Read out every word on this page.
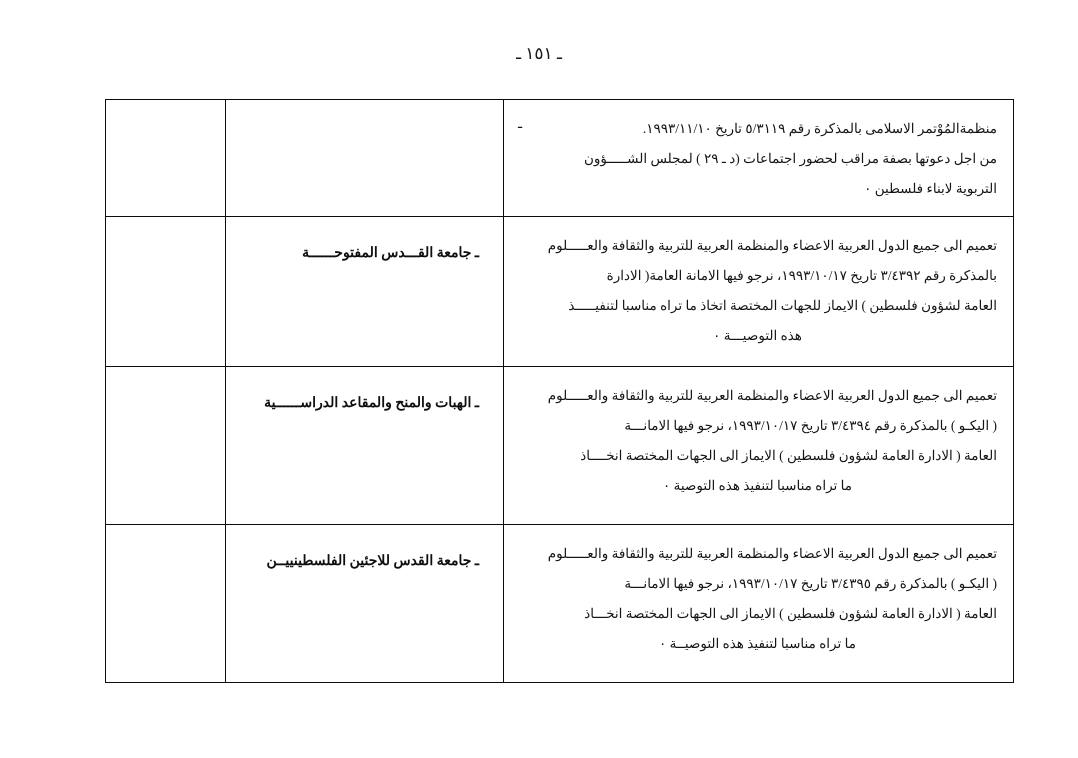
ـ ١٥١ ـ
ـ منظمةالمُوْتمر الاسلامى بالمذكرة رقم ٥/٣١١٩ تاريخ ١٩٩٣/١١/١٠.
من اجل دعوتها بصفة مراقب لحضور اجتماعات (د ـ ٢٩ ) لمجلس الشـــــؤون
التربوية لابناء فلسطين ٠		

تعميم الى جميع الدول العربية الاعضاء والمنظمة العربية للتربية والثقافة والعـــــلوم
بالمذكرة رقم ٣/٤٣٩٢ تاريخ ١٩٩٣/١٠/١٧، نرجو فيها الامانة العامة( الادارة
العامة لشؤون فلسطين ) الايماز للجهات المختصة اتخاذ ما تراه مناسبا لتنفيـــــذ
هذه التوصيـــة ٠	ـ جامعة القـــدس المفتوحــــــة	

تعميم الى جميع الدول العربية الاعضاء والمنظمة العربية للتربية والثقافة والعـــــلوم
( اليكـو ) بالمذكرة رقم ٣/٤٣٩٤ تاريخ ١٩٩٣/١٠/١٧، نرجو فيها الامانـــة
العامة ( الادارة العامة لشؤون فلسطين ) الايماز الى الجهات المختصة انخــــاذ
ما تراه مناسبا لتنفيذ هذه التوصية ٠	ـ الهبات والمنح والمقاعد الدراســــــية	

تعميم الى جميع الدول العربية الاعضاء والمنظمة العربية للتربية والثقافة والعـــــلوم
( اليكـو ) بالمذكرة رقم ٣/٤٣٩٥ تاريخ ١٩٩٣/١٠/١٧، نرجو فيها الامانـــة
العامة ( الادارة العامة لشؤون فلسطين ) الايماز الى الجهات المختصة انخـــاذ
ما تراه مناسبا لتنفيذ هذه التوصيــة ٠	ـ جامعة القدس للاجئين الفلسطينييــن	
